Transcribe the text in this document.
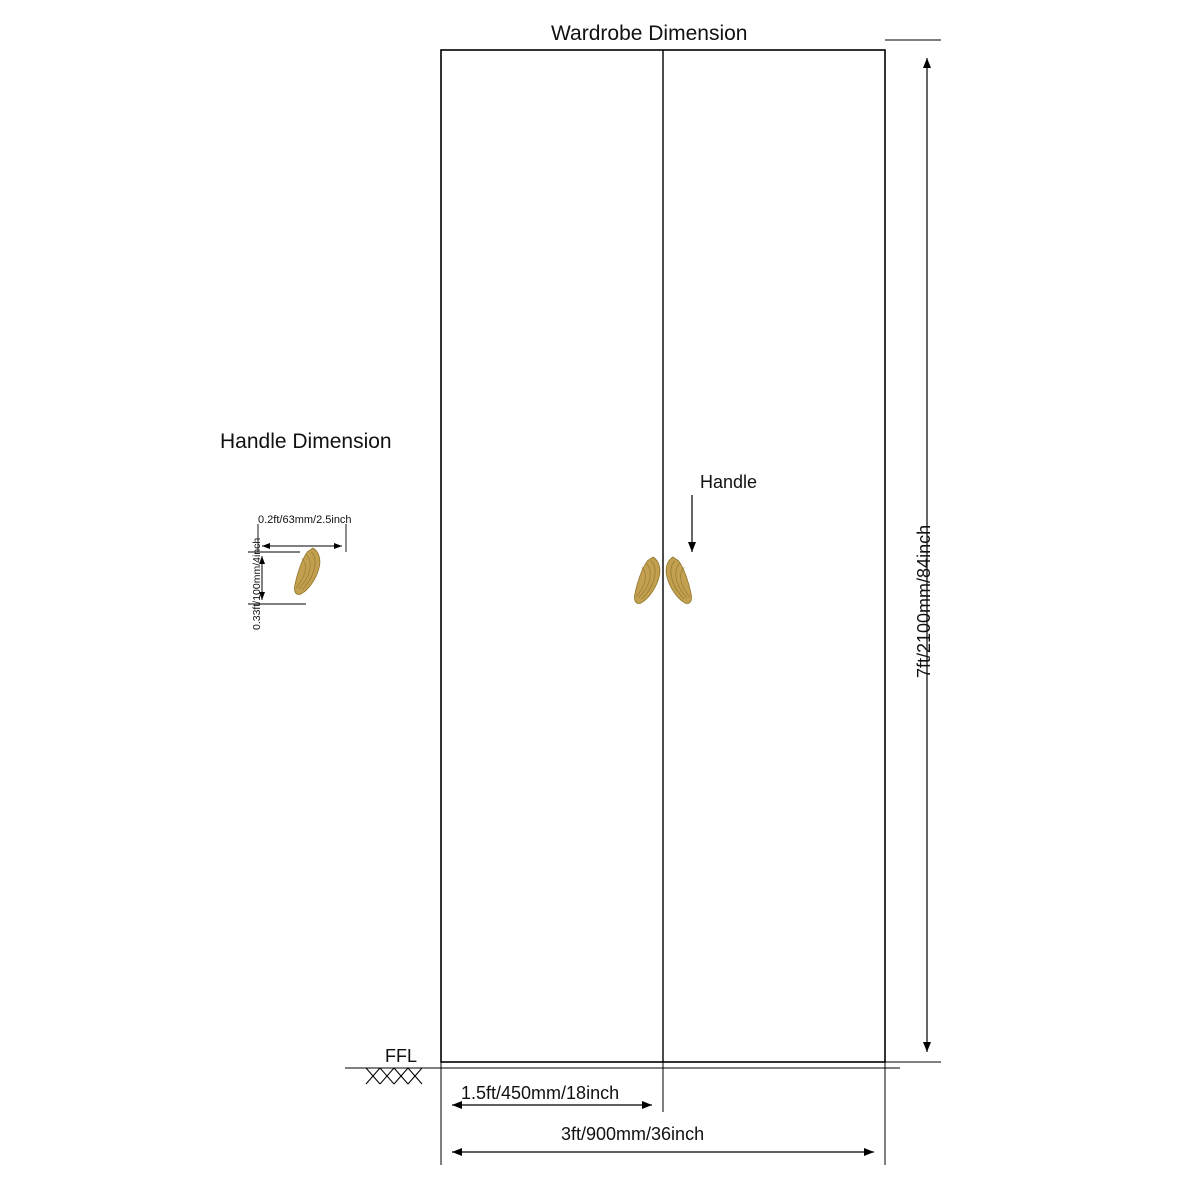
Wardrobe Dimension
Handle Dimension
Handle
FFL
1.5ft/450mm/18inch
3ft/900mm/36inch
7ft/2100mm/84inch
0.2ft/63mm/2.5inch
0.33ft/100mm/4inch
